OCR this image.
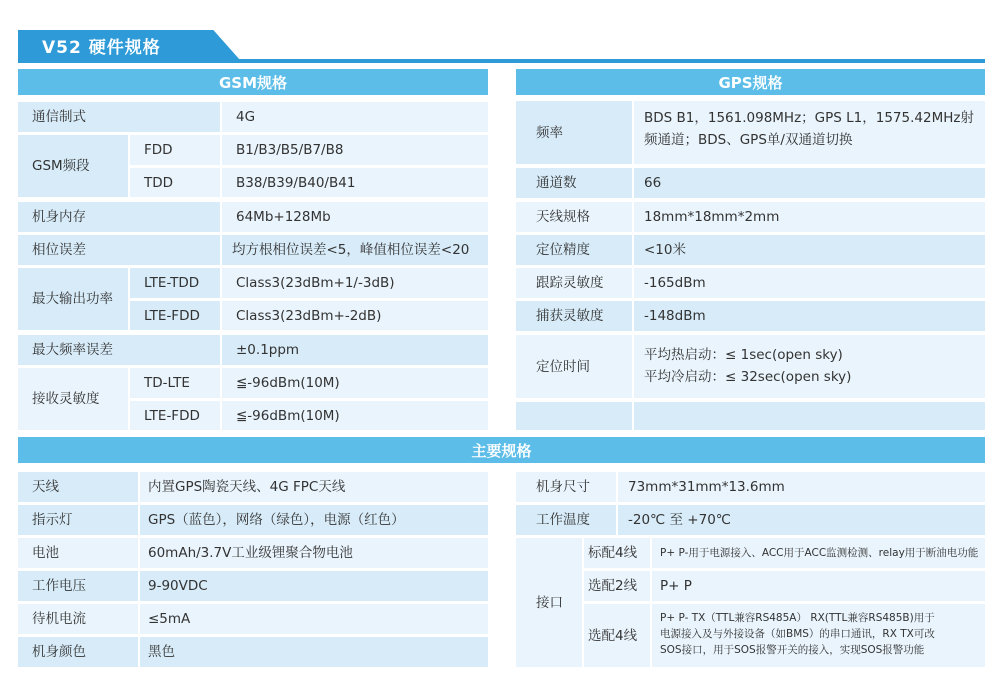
V52 硬件规格
GSM规格
通信制式	4G
GSM频段
FDD	B1/B3/B5/B7/B8
TDD	B38/B39/B40/B41
机身内存	64Mb+128Mb
相位误差	均方根相位误差<5，峰值相位误差<20
最大输出功率
LTE-TDD	Class3(23dBm+1/-3dB)
LTE-FDD	Class3(23dBm+-2dB)
最大频率误差	±0.1ppm
接收灵敏度
TD-LTE	≦-96dBm(10M)
LTE-FDD	≦-96dBm(10M)
GPS规格
频率
BDS B1，1561.098MHz；GPS L1，1575.42MHz射
频通道；BDS、GPS单/双通道切换
通道数	66
天线规格	18mm*18mm*2mm
定位精度	<10米
跟踪灵敏度	-165dBm
捕获灵敏度	-148dBm
定位时间
平均热启动：≤ 1sec(open sky)
平均冷启动：≤ 32sec(open sky)
主要规格
天线	内置GPS陶瓷天线、4G FPC天线
指示灯	GPS（蓝色），网络（绿色），电源（红色）
电池	60mAh/3.7V工业级锂聚合物电池
工作电压	9-90VDC
待机电流	≤5mA
机身颜色	黑色
机身尺寸	73mm*31mm*13.6mm
工作温度	-20℃ 至 +70℃
接口
标配4线	P+ P-用于电源接入、ACC用于ACC监测检测、relay用于断油电功能
选配2线	P+ P
选配4线
P+ P- TX（TTL兼容RS485A） RX(TTL兼容RS485B)用于
电源接入及与外接设备（如BMS）的串口通讯，RX TX可改
SOS接口，用于SOS报警开关的接入，实现SOS报警功能
